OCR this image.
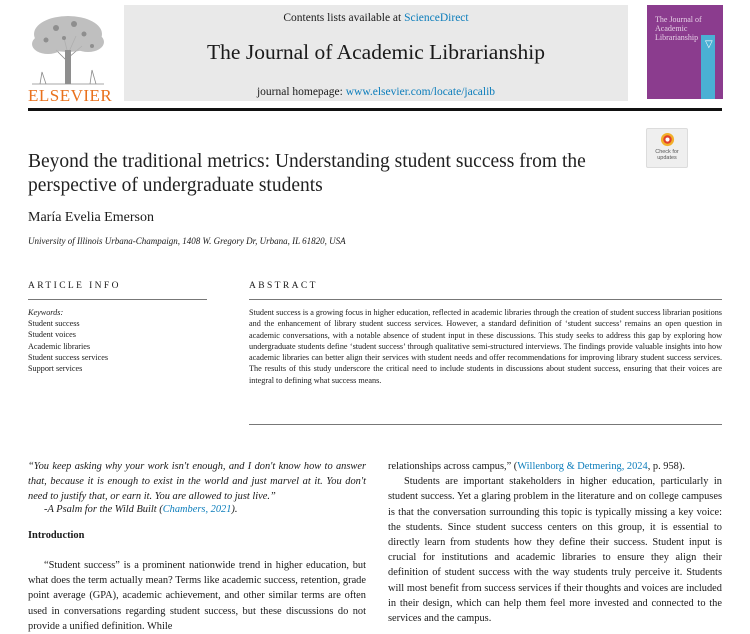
ELSEVIER
Contents lists available at ScienceDirect
The Journal of Academic Librarianship
journal homepage: www.elsevier.com/locate/jacalib
The Journal of Academic Librarianship
▽
Check for updates
Beyond the traditional metrics: Understanding student success from the perspective of undergraduate students
María Evelia Emerson
University of Illinois Urbana-Champaign, 1408 W. Gregory Dr, Urbana, IL 61820, USA
ARTICLE INFO	ABSTRACT
Keywords:
Student success
Student voices
Academic libraries
Student success services
Support services
Student success is a growing focus in higher education, reflected in academic libraries through the creation of student success librarian positions and the enhancement of library student success services. However, a standard definition of ‘student success’ remains an open question in academic conversations, with a notable absence of student input in these discussions. This study seeks to address this gap by exploring how undergraduate students define ‘student success’ through qualitative semi-structured interviews. The findings provide valuable insights into how academic libraries can better align their services with student needs and offer recommendations for improving library student success services. The results of this study underscore the critical need to include students in discussions about student success, ensuring that their voices are integral to defining what success means.
“You keep asking why your work isn't enough, and I don't know how to answer that, because it is enough to exist in the world and just marvel at it. You don't need to justify that, or earn it. You are allowed to just live.”
-A Psalm for the Wild Built (Chambers, 2021).
Introduction

“Student success” is a prominent nationwide trend in higher education, but what does the term actually mean? Terms like academic success, retention, grade point average (GPA), academic achievement, and other similar terms are often used in conversations regarding student success, but these discussions do not provide a unified definition. While

relationships across campus,” (Willenborg & Detmering, 2024, p. 958).

Students are important stakeholders in higher education, particularly in student success. Yet a glaring problem in the literature and on college campuses is that the conversation surrounding this topic is typically missing a key voice: the students. Since student success centers on this group, it is essential to directly learn from students how they define their success. Student input is crucial for institutions and academic libraries to ensure they align their definition of student success with the way students truly perceive it. Students will most benefit from success services if their thoughts and voices are included in their design, which can help them feel more invested and connected to the services and the campus.
